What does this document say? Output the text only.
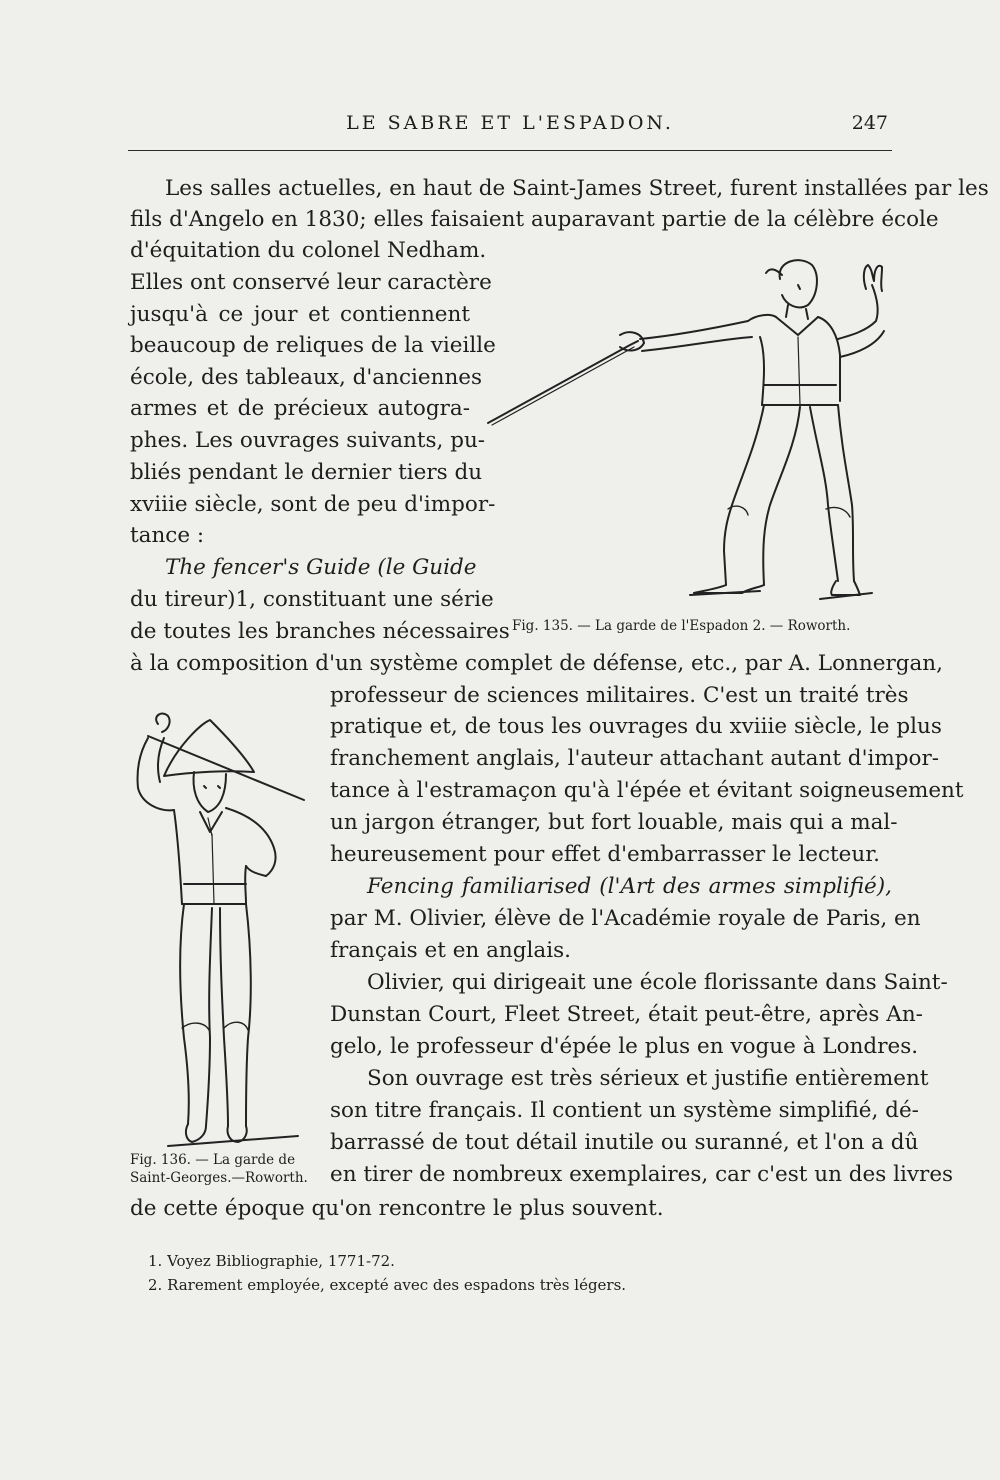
LE SABRE ET L'ESPADON.	247
Les salles actuelles, en haut de Saint-James Street, furent installées par les
fils d'Angelo en 1830; elles faisaient auparavant partie de la célèbre école
d'équitation du colonel Nedham.
Elles ont conservé leur caractère
jusqu'à ce jour et contiennent
beaucoup de reliques de la vieille
école, des tableaux, d'anciennes
armes et de précieux autogra-
phes. Les ouvrages suivants, pu-
bliés pendant le dernier tiers du
xviiie siècle, sont de peu d'impor-
tance :
The fencer's Guide (le Guide
du tireur)1, constituant une série
de toutes les branches nécessaires
à la composition d'un système complet de défense, etc., par A. Lonnergan,
professeur de sciences militaires. C'est un traité très
pratique et, de tous les ouvrages du xviiie siècle, le plus
franchement anglais, l'auteur attachant autant d'impor-
tance à l'estramaçon qu'à l'épée et évitant soigneusement
un jargon étranger, but fort louable, mais qui a mal-
heureusement pour effet d'embarrasser le lecteur.
Fencing familiarised (l'Art des armes simplifié),
par M. Olivier, élève de l'Académie royale de Paris, en
français et en anglais.
Olivier, qui dirigeait une école florissante dans Saint-
Dunstan Court, Fleet Street, était peut-être, après An-
gelo, le professeur d'épée le plus en vogue à Londres.
Son ouvrage est très sérieux et justifie entièrement
son titre français. Il contient un système simplifié, dé-
barrassé de tout détail inutile ou suranné, et l'on a dû
en tirer de nombreux exemplaires, car c'est un des livres
de cette époque qu'on rencontre le plus souvent.
Fig. 135. — La garde de l'Espadon 2. — Roworth.
Fig. 136. — La garde de
Saint-Georges.—Roworth.
1. Voyez Bibliographie, 1771-72.
2. Rarement employée, excepté avec des espadons très légers.
